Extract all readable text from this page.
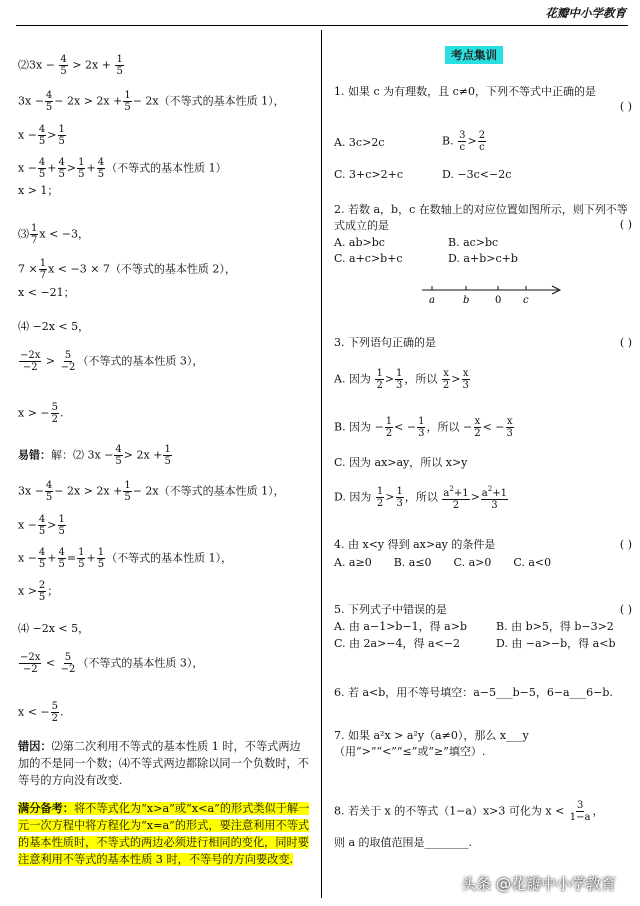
花瓣中小学教育
⑵3x − $\frac{4}{5} > 2x + \frac{1}{5}$
$3x - \frac{4}{5} - 2x > 2x + \frac{1}{5} - 2x$（不等式的基本性质 1），
$x - \frac{4}{5} > \frac{1}{5}$
$x - \frac{4}{5} + \frac{4}{5} > \frac{1}{5} + \frac{4}{5}$ （不等式的基本性质 1）
x > 1；
⑶ $\frac{1}{7}$ x < −3，
$7 \times \frac{1}{7}$ x < −3 × 7（不等式的基本性质 2），
x < −21；
⑷ −2x < 5，
$\frac{-2x}{-2} > \frac{5}{-2}$ （不等式的基本性质 3），
x > − $\frac{5}{2}$ .
易错：解：⑵ $3x - \frac{4}{5} > 2x + \frac{1}{5}$
$3x - \frac{4}{5} - 2x > 2x + \frac{1}{5} - 2x$（不等式的基本性质 1），
$x - \frac{4}{5} > \frac{1}{5}$
$x - \frac{4}{5} + \frac{4}{5} = \frac{1}{5} + \frac{1}{5}$ （不等式的基本性质 1），
$x > \frac{2}{5}$ ；
⑷ −2x < 5，
$\frac{-2x}{-2} < \frac{5}{-2}$ （不等式的基本性质 3），
x < − $\frac{5}{2}$ .
错因：⑵第二次利用不等式的基本性质 1 时，不等式两边加的不是同一个数；⑷不等式两边都除以同一个负数时，不等号的方向没有改变.
满分备考：将不等式化为“x>a”或“x<a”的形式类似于解一元一次方程中将方程化为“x=a”的形式，要注意利用不等式的基本性质时，不等式的两边必须进行相同的变化，同时要注意利用不等式的基本性质 3 时，不等号的方向要改变.
考点集训
1. 如果 c 为有理数，且 c≠0，下列不等式中正确的是
( )
A. 3c>2c	B. $\frac{3}{c} > \frac{2}{c}$
C. 3+c>2+c	D. −3c<−2c
2. 若数 a，b，c 在数轴上的对应位置如图所示，则下列不等式成立的是	( )
A. ab>bc	B. ac>bc
C. a+c>b+c	D. a+b>c+b
a	b	0 c
3. 下列语句正确的是	( )
A. 因为 $\frac{1}{2} > \frac{1}{3}$ ，所以 $\frac{x}{2} > \frac{x}{3}$
B. 因为 − $\frac{1}{2}$ < − $\frac{1}{3}$ ，所以 − $\frac{x}{2}$ < − $\frac{x}{3}$
C. 因为 ax>ay，所以 x>y
D. 因为 $\frac{1}{2} > \frac{1}{3}$ ，所以 $\frac{a^2+1}{2} > \frac{a^2+1}{3}$
4. 由 x<y 得到 ax>ay 的条件是	( )
A. a≥0　　B. a≤0　　C. a>0　　C. a<0
5. 下列式子中错误的是	( )
A. 由 a−1>b−1，得 a>b	B. 由 b>5，得 b−3>2
C. 由 2a>−4，得 a<−2	D. 由 −a>−b，得 a<b
6. 若 a<b，用不等号填空：a−5___b−5，6−a___6−b.
7. 如果 a²x > a²y（a≠0），那么 x___y（用“>”“<”“≤”或“≥”填空）.
8. 若关于 x 的不等式（1−a）x>3 可化为 $x < \frac{3}{1-a}$ ，
则 a 的取值范围是________.
头条 @花瓣中小学教育
